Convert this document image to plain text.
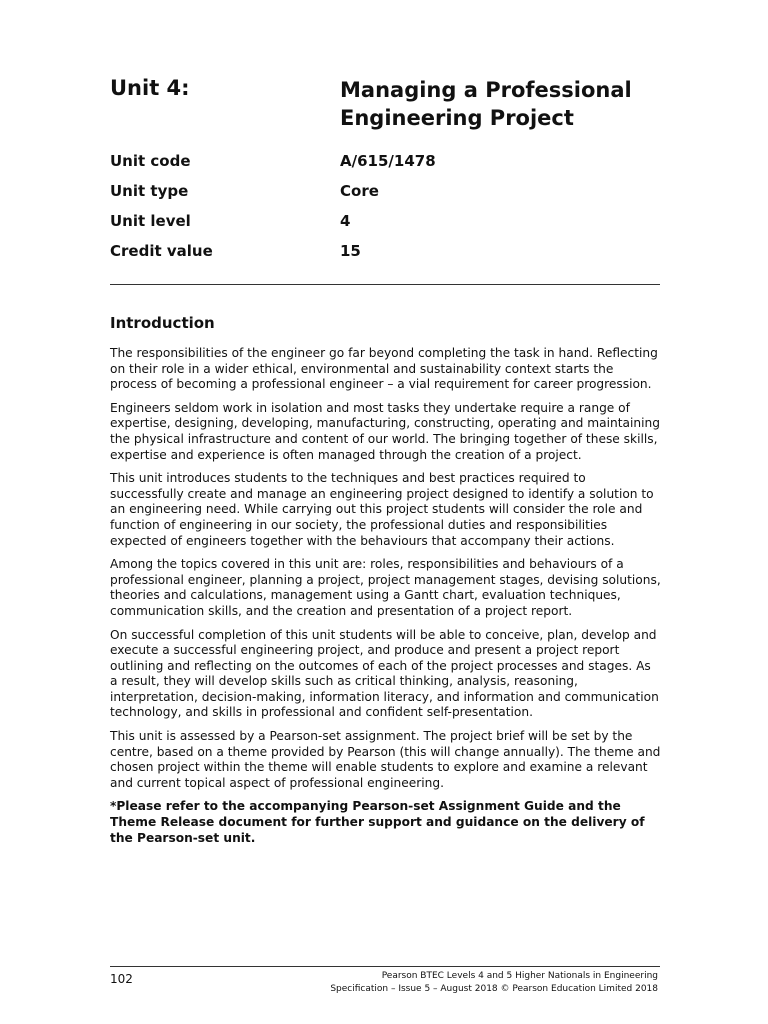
Unit 4:	Managing a Professional Engineering Project
Unit code	A/615/1478
Unit type	Core
Unit level	4
Credit value	15
Introduction

The responsibilities of the engineer go far beyond completing the task in hand. Reflecting on their role in a wider ethical, environmental and sustainability context starts the process of becoming a professional engineer – a vial requirement for career progression.

Engineers seldom work in isolation and most tasks they undertake require a range of expertise, designing, developing, manufacturing, constructing, operating and maintaining the physical infrastructure and content of our world. The bringing together of these skills, expertise and experience is often managed through the creation of a project.

This unit introduces students to the techniques and best practices required to successfully create and manage an engineering project designed to identify a solution to an engineering need. While carrying out this project students will consider the role and function of engineering in our society, the professional duties and responsibilities expected of engineers together with the behaviours that accompany their actions.

Among the topics covered in this unit are: roles, responsibilities and behaviours of a professional engineer, planning a project, project management stages, devising solutions, theories and calculations, management using a Gantt chart, evaluation techniques, communication skills, and the creation and presentation of a project report.

On successful completion of this unit students will be able to conceive, plan, develop and execute a successful engineering project, and produce and present a project report outlining and reflecting on the outcomes of each of the project processes and stages. As a result, they will develop skills such as critical thinking, analysis, reasoning, interpretation, decision-making, information literacy, and information and communication technology, and skills in professional and confident self-presentation.

This unit is assessed by a Pearson-set assignment. The project brief will be set by the centre, based on a theme provided by Pearson (this will change annually). The theme and chosen project within the theme will enable students to explore and examine a relevant and current topical aspect of professional engineering.

*Please refer to the accompanying Pearson-set Assignment Guide and the Theme Release document for further support and guidance on the delivery of the Pearson-set unit.

102	Pearson BTEC Levels 4 and 5 Higher Nationals in Engineering
Specification – Issue 5 – August 2018 © Pearson Education Limited 2018
